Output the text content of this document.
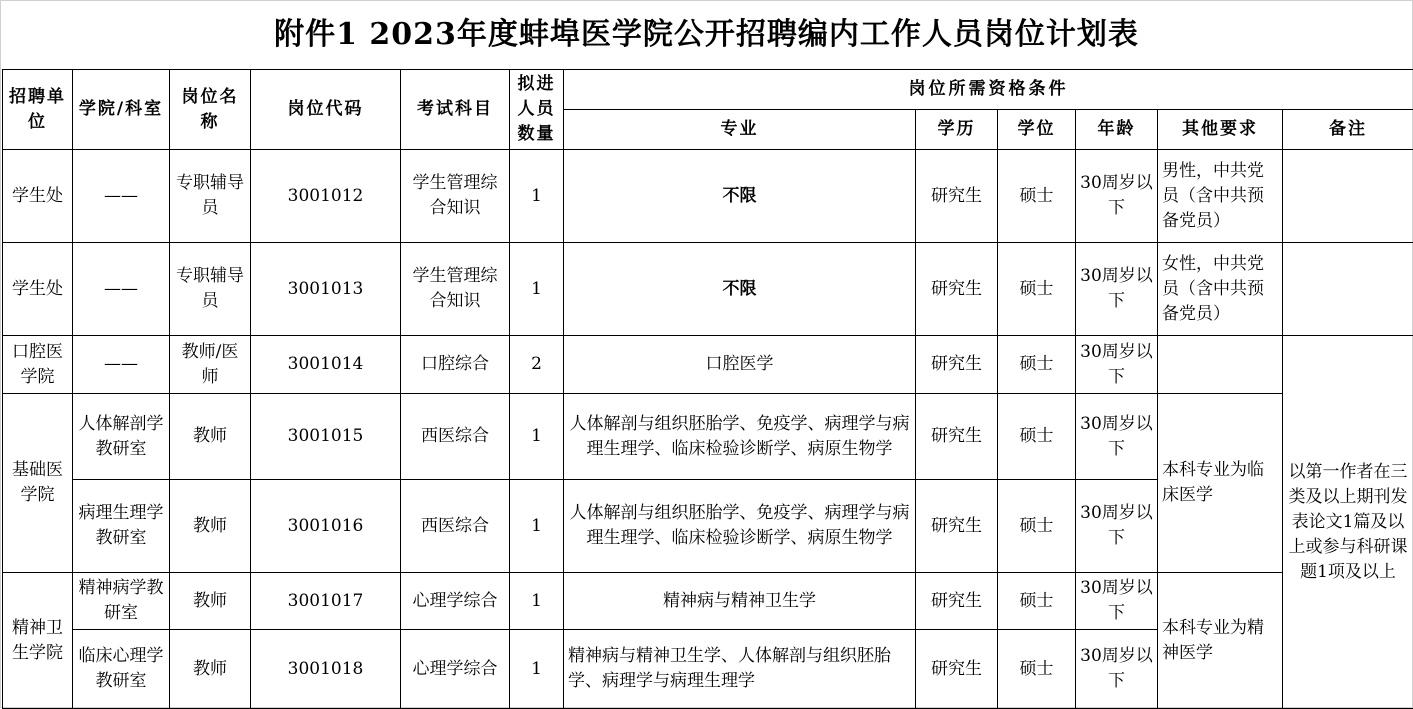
附件1 2023年度蚌埠医学院公开招聘编内工作人员岗位计划表
招聘单位	学院/科室	岗位名称	岗位代码	考试科目	拟进人员数量	岗位所需资格条件					
						专业	学历	学位	年龄	其他要求	备注
学生处	——	专职辅导员	3001012	学生管理综合知识	1	不限	研究生	硕士	30周岁以下	男性，中共党员（含中共预备党员）	
学生处	——	专职辅导员	3001013	学生管理综合知识	1	不限	研究生	硕士	30周岁以下	女性，中共党员（含中共预备党员）	
口腔医学院	——	教师/医师	3001014	口腔综合	2	口腔医学	研究生	硕士	30周岁以下		以第一作者在三类及以上期刊发表论文1篇及以上或参与科研课题1项及以上
基础医学院	人体解剖学教研室	教师	3001015	西医综合	1	人体解剖与组织胚胎学、免疫学、病理学与病理生理学、临床检验诊断学、病原生物学	研究生	硕士	30周岁以下	本科专业为临床医学	
	病理生理学教研室	教师	3001016	西医综合	1	人体解剖与组织胚胎学、免疫学、病理学与病理生理学、临床检验诊断学、病原生物学	研究生	硕士	30周岁以下		
精神卫生学院	精神病学教研室	教师	3001017	心理学综合	1	精神病与精神卫生学	研究生	硕士	30周岁以下	本科专业为精神医学	
	临床心理学教研室	教师	3001018	心理学综合	1	精神病与精神卫生学、人体解剖与组织胚胎学、病理学与病理生理学	研究生	硕士	30周岁以下		
